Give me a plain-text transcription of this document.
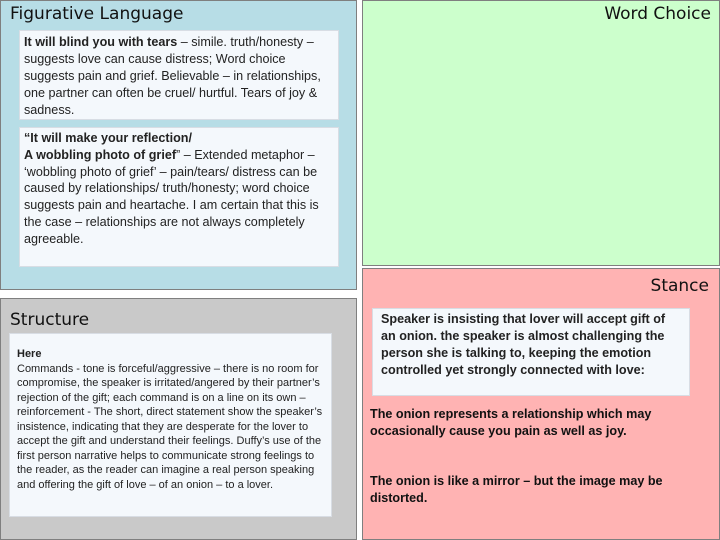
Figurative Language
It will blind you with tears – simile. truth/honesty – suggests love can cause distress; Word choice suggests pain and grief. Believable – in relationships, one partner can often be cruel/ hurtful. Tears of joy & sadness.
“It will make your reflection/
A wobbling photo of grief” – Extended metaphor – ‘wobbling photo of grief’ – pain/tears/ distress can be caused by relationships/ truth/honesty; word choice suggests pain and heartache. I am certain that this is the case – relationships are not always completely agreeable.
Word Choice
Stance
Speaker is insisting that lover will accept gift of an onion. the speaker is almost challenging the person she is talking to, keeping the emotion controlled yet strongly connected with love:
The onion represents a relationship which may occasionally cause you pain as well as joy.
The onion is like a mirror – but the image may be distorted.
Structure
Here
Commands - tone is forceful/aggressive – there is no room for compromise, the speaker is irritated/angered by their partner’s rejection of the gift; each command is on a line on its own – reinforcement - The short, direct statement show the speaker’s insistence, indicating that they are desperate for the lover to accept the gift and understand their feelings. Duffy’s use of the first person narrative helps to communicate strong feelings to the reader, as the reader can imagine a real person speaking and offering the gift of love – of an onion – to a lover.
